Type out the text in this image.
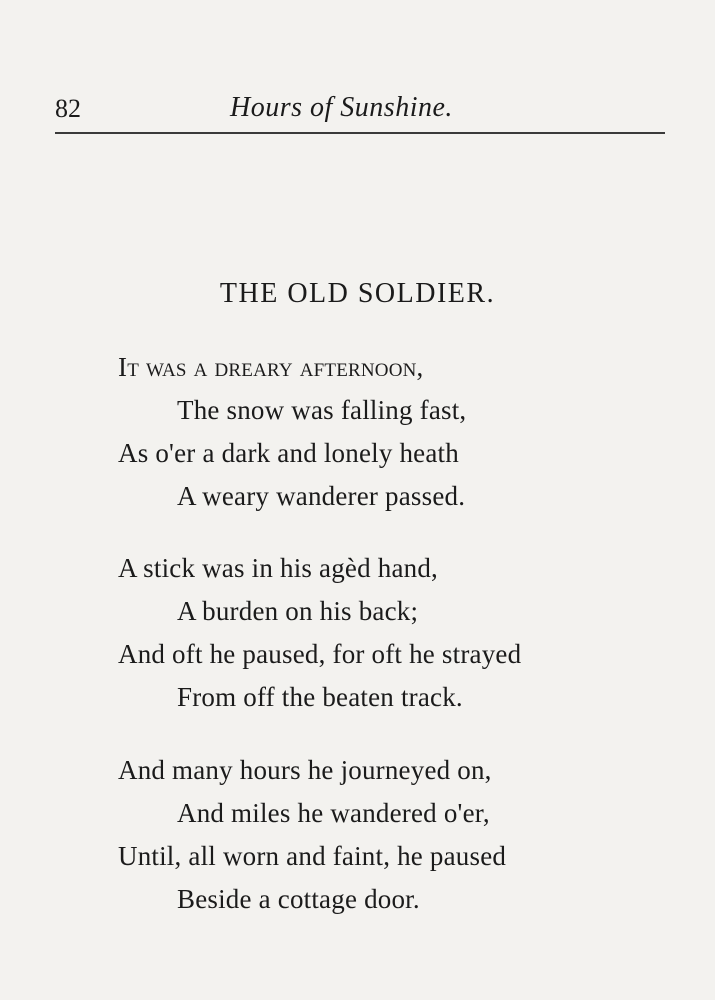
82	Hours of Sunshine.
THE OLD SOLDIER.
It was a dreary afternoon,
The snow was falling fast,
As o'er a dark and lonely heath
A weary wanderer passed.
A stick was in his agèd hand,
A burden on his back;
And oft he paused, for oft he strayed
From off the beaten track.
And many hours he journeyed on,
And miles he wandered o'er,
Until, all worn and faint, he paused
Beside a cottage door.
